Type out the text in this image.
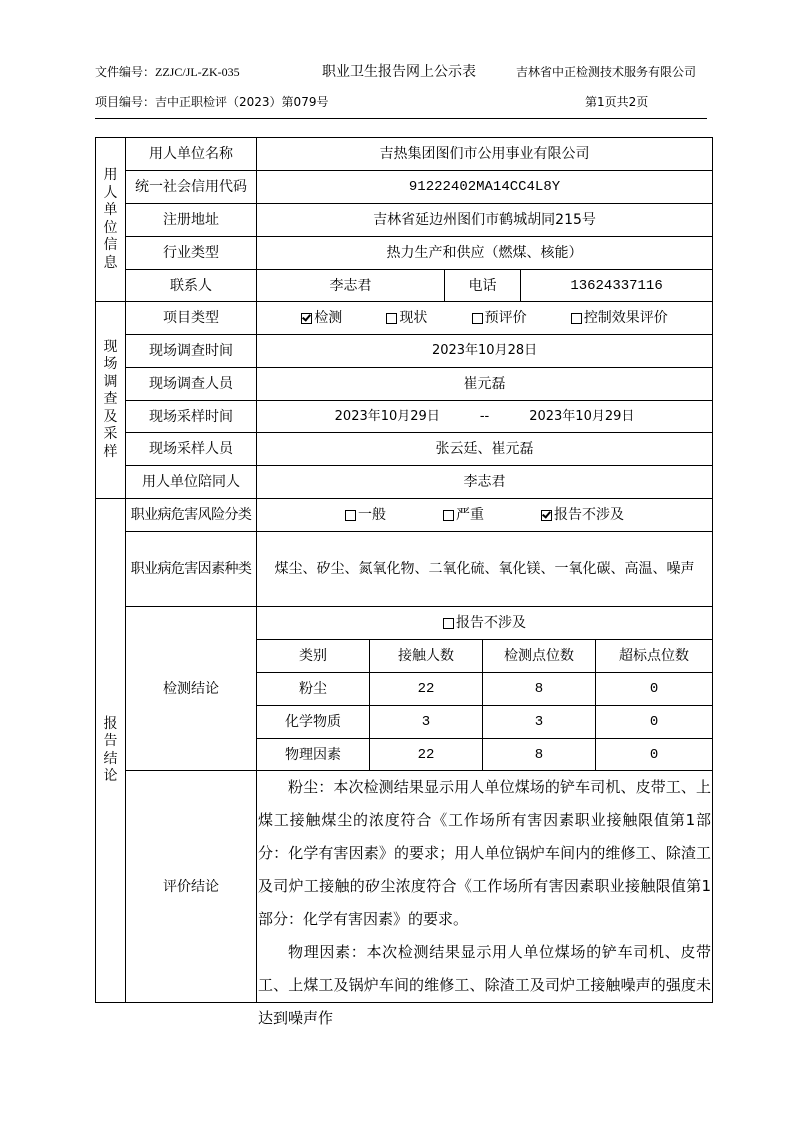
文件编号：ZZJC/JL-ZK-035	职业卫生报告网上公示表	吉林省中正检测技术服务有限公司
项目编号：吉中正职检评（2023）第079号	第1页共2页
用人单位信息	用人单位名称	吉热集团图们市公用事业有限公司					
	统一社会信用代码	91222402MA14CC4L8Y					
	注册地址	吉林省延边州图们市鹤城胡同215号					
	行业类型	热力生产和供应（燃煤、核能）					
	联系人	李志君		电话		13624337116	

现场调查及采样	项目类型	检测 现状 预评价 控制效果评价					

	现场调查时间	2023年10月28日					
	现场调查人员	崔元磊					
	现场采样时间	2023年10月29日 -- 2023年10月29日					

	现场采样人员	张云廷、崔元磊					
	用人单位陪同人	李志君					

报告结论	职业病危害风险分类	一般 严重 报告不涉及					

	职业病危害因素种类	煤尘、矽尘、氮氧化物、二氧化硫、氧化镁、一氧化碳、高温、噪声					
	检测结论	报告不涉及					

		类别	接触人数		检测点位数		超标点位数
		粉尘	22		8		0
		化学物质	3		3		0
		物理因素	22		8		0
	评价结论	粉尘：本次检测结果显示用人单位煤场的铲车司机、皮带工、上煤工接触煤尘的浓度符合《工作场所有害因素职业接触限值第1部分：化学有害因素》的要求；用人单位锅炉车间内的维修工、除渣工及司炉工接触的矽尘浓度符合《工作场所有害因素职业接触限值第1部分：化学有害因素》的要求。

物理因素：本次检测结果显示用人单位煤场的铲车司机、皮带工、上煤工及锅炉车间的维修工、除渣工及司炉工接触噪声的强度未达到噪声作					
